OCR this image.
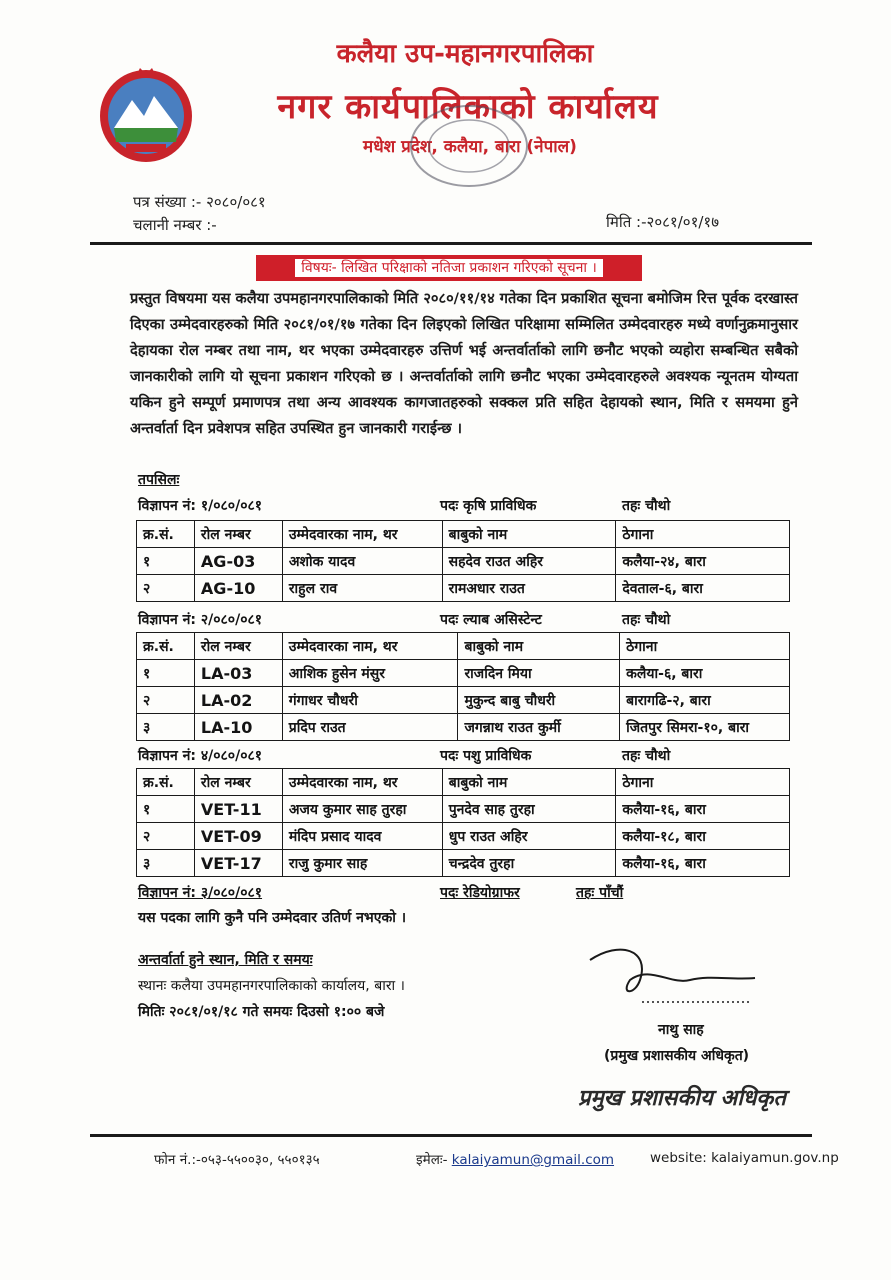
कलैया उप-महानगरपालिका
नगर कार्यपालिकाको कार्यालय
मधेश प्रदेश, कलैया, बारा (नेपाल)
पत्र संख्या :- २०८०/०८१
चलानी नम्बर :-	मिति :-२०८१/०१/१७
विषयः- लिखित परिक्षाको नतिजा प्रकाशन गरिएको सूचना ।
प्रस्तुत विषयमा यस कलैया उपमहानगरपालिकाको मिति २०८०/११/१४ गतेका दिन प्रकाशित सूचना बमोजिम रित्त पूर्वक दरखास्त दिएका उम्मेदवारहरुको मिति २०८१/०१/१७ गतेका दिन लिइएको लिखित परिक्षामा सम्मिलित उम्मेदवारहरु मध्ये वर्णानुक्रमानुसार देहायका रोल नम्बर तथा नाम, थर भएका उम्मेदवारहरु उत्तिर्ण भई अन्तर्वार्ताको लागि छनौट भएको व्यहोरा सम्बन्धित सबैको जानकारीको लागि यो सूचना प्रकाशन गरिएको छ । अन्तर्वार्ताको लागि छनौट भएका उम्मेदवारहरुले अवश्यक न्यूनतम योग्यता यकिन हुने सम्पूर्ण प्रमाणपत्र तथा अन्य आवश्यक कागजातहरुको सक्कल प्रति सहित देहायको स्थान, मिति र समयमा हुने अन्तर्वार्ता दिन प्रवेशपत्र सहित उपस्थित हुन जानकारी गराईन्छ ।
तपसिलः
विज्ञापन नं: १/०८०/०८१	पदः कृषि प्राविधिक	तहः चौथो
क्र.सं.	रोल नम्बर	उम्मेदवारका नाम, थर	बाबुको नाम	ठेगाना
१	AG-03	अशोक यादव	सहदेव राउत अहिर	कलैया-२४, बारा
२	AG-10	राहुल राव	रामअधार राउत	देवताल-६, बारा
विज्ञापन नं: २/०८०/०८१	पदः ल्याब असिस्टेन्ट	तहः चौथो
क्र.सं.	रोल नम्बर	उम्मेदवारका नाम, थर	बाबुको नाम	ठेगाना
१	LA-03	आशिक हुसेन मंसुर	राजदिन मिया	कलैया-६, बारा
२	LA-02	गंगाधर चौधरी	मुकुन्द बाबु चौधरी	बारागढि-२, बारा
३	LA-10	प्रदिप राउत	जगन्नाथ राउत कुर्मी	जितपुर सिमरा-१०, बारा
विज्ञापन नं: ४/०८०/०८१	पदः पशु प्राविधिक	तहः चौथो
क्र.सं.	रोल नम्बर	उम्मेदवारका नाम, थर	बाबुको नाम	ठेगाना
१	VET-11	अजय कुमार साह तुरहा	पुनदेव साह तुरहा	कलैया-१६, बारा
२	VET-09	मंदिप प्रसाद यादव	धुप राउत अहिर	कलैया-१८, बारा
३	VET-17	राजु कुमार साह	चन्द्रदेव तुरहा	कलैया-१६, बारा
विज्ञापन नं: ३/०८०/०८१	पदः रेडियोग्राफर	तहः पाँचौं
यस पदका लागि कुनै पनि उम्मेदवार उतिर्ण नभएको ।
अन्तर्वार्ता हुने स्थान, मिति र समयः
स्थानः कलैया उपमहानगरपालिकाको कार्यालय, बारा ।
मितिः २०८१/०१/१८ गते समयः दिउसो १:०० बजे
नाथु साह
(प्रमुख प्रशासकीय अधिकृत)
प्रमुख प्रशासकीय अधिकृत
फोन नं.:-०५३-५५००३०, ५५०१३५	इमेलः- kalaiyamun@gmail.com	website: kalaiyamun.gov.np
